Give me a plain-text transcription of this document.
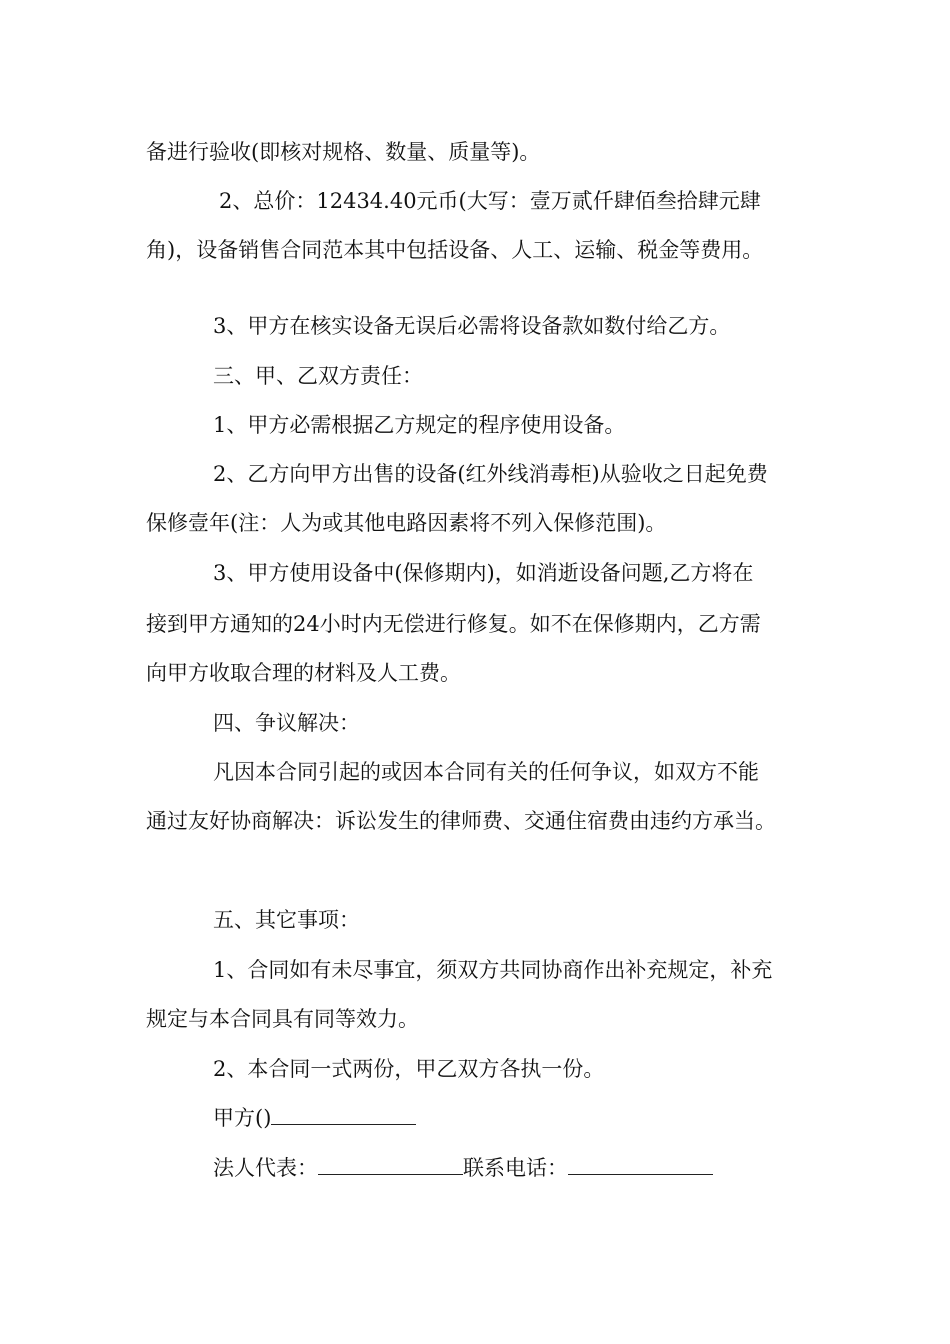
备进行验收(即核对规格、数量、质量等)。
2、总价：12434.40元币(大写：壹万贰仟肆佰叁拾肆元肆
角)，设备销售合同范本其中包括设备、人工、运输、税金等费用。
3、甲方在核实设备无误后必需将设备款如数付给乙方。
三、甲、乙双方责任：
1、甲方必需根据乙方规定的程序使用设备。
2、乙方向甲方出售的设备(红外线消毒柜)从验收之日起免费
保修壹年(注：人为或其他电路因素将不列入保修范围)。
3、甲方使用设备中(保修期内)，如消逝设备问题,乙方将在
接到甲方通知的24小时内无偿进行修复。如不在保修期内，乙方需
向甲方收取合理的材料及人工费。
四、争议解决：
凡因本合同引起的或因本合同有关的任何争议，如双方不能
通过友好协商解决：诉讼发生的律师费、交通住宿费由违约方承当。
五、其它事项：
1、合同如有未尽事宜，须双方共同协商作出补充规定，补充
规定与本合同具有同等效力。
2、本合同一式两份，甲乙双方各执一份。
甲方()
法人代表：	联系电话：
